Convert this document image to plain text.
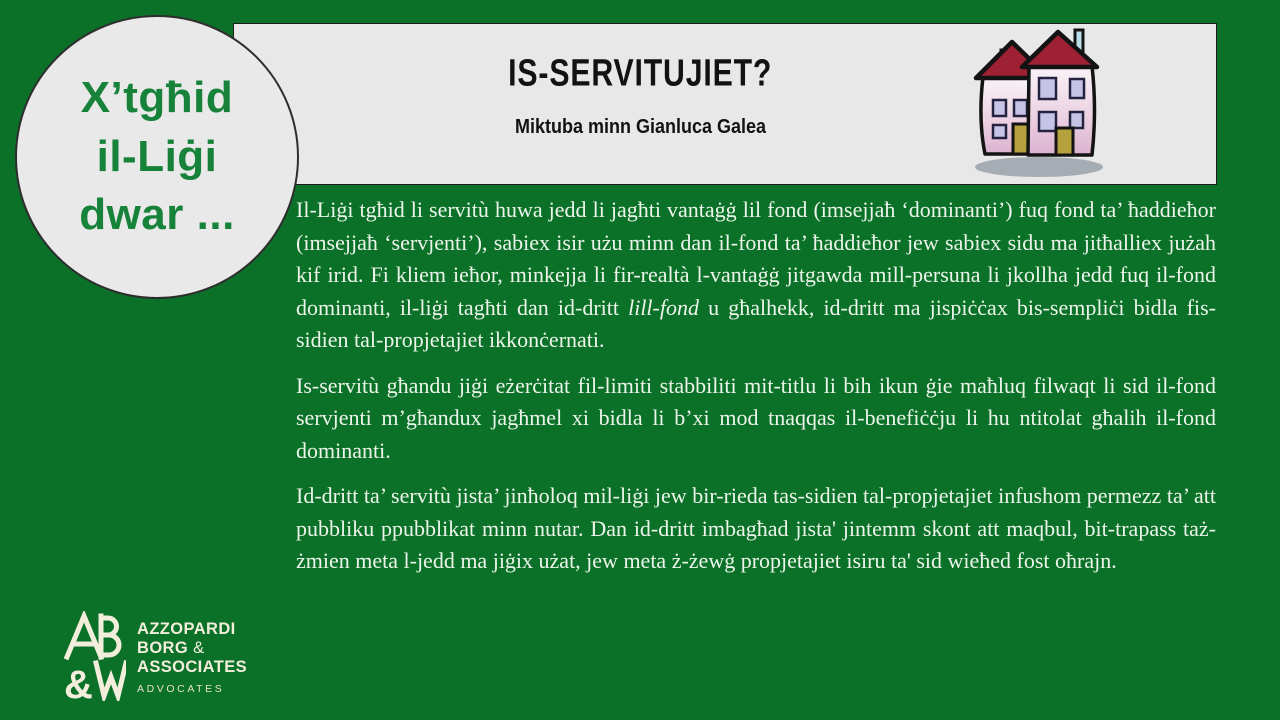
X’tgħid
il-Liġi
dwar ...
IS-SERVITUJIET?
Miktuba minn Gianluca Galea

Il-Liġi tgħid li servitù huwa jedd li jagħti vantaġġ lil fond (imsejjaħ ‘dominanti’) fuq fond ta’ ħaddieħor (imsejjaħ ‘servjenti’), sabiex isir użu minn dan il-fond ta’ ħaddieħor jew sabiex sidu ma jitħalliex jużah kif irid. Fi kliem ieħor, minkejja li fir-realtà l-vantaġġ jitgawda mill-persuna li jkollha jedd fuq il-fond dominanti, il-liġi tagħti dan id-dritt lill-fond u għalhekk, id-dritt ma jispiċċax bis-sempliċi bidla fis-sidien tal-propjetajiet ikkonċernati.

Is-servitù għandu jiġi eżerċitat fil-limiti stabbiliti mit-titlu li bih ikun ġie maħluq filwaqt li sid il-fond servjenti m’għandux jagħmel xi bidla li b’xi mod tnaqqas il-benefiċċju li hu ntitolat għalih il-fond dominanti.

Id-dritt ta’ servitù jista’ jinħoloq mil-liġi jew bir-rieda tas-sidien tal-propjetajiet infushom permezz ta’ att pubbliku ppubblikat minn nutar. Dan id-dritt imbagħad jista' jintemm skont att maqbul, bit-trapass taż-żmien meta l-jedd ma jiġix użat, jew meta ż-żewġ propjetajiet isiru ta' sid wieħed fost oħrajn.

&
AZZOPARDI
BORG &
ASSOCIATES
ADVOCATES
